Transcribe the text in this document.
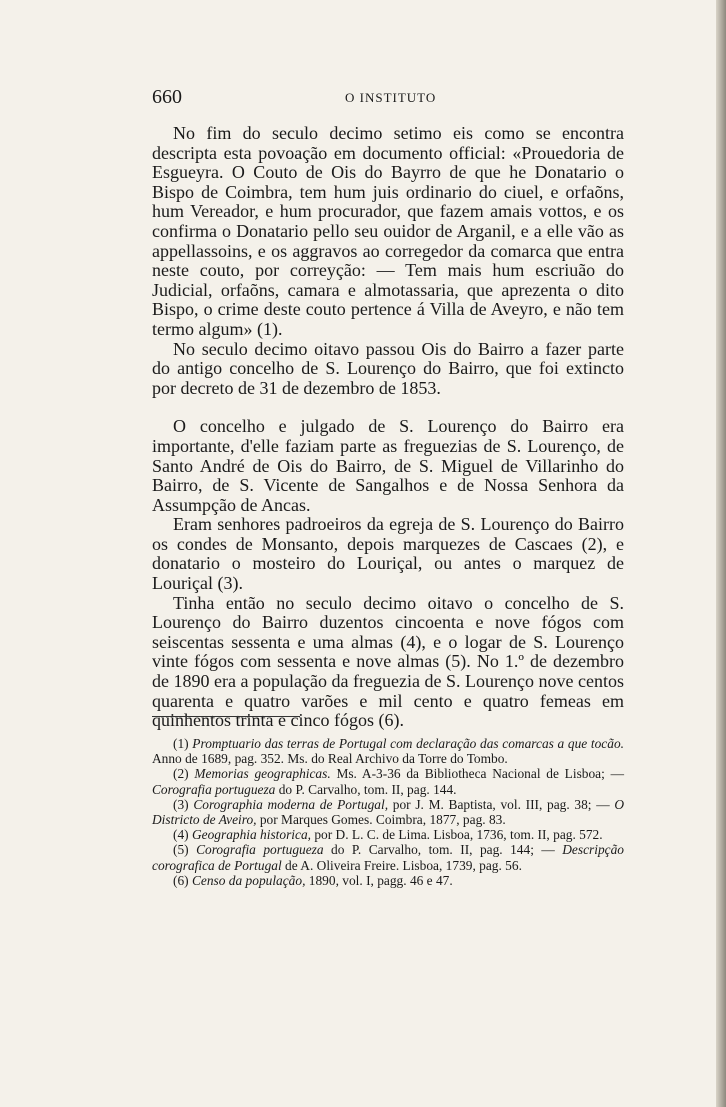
660	O INSTITUTO

No fim do seculo decimo setimo eis como se encontra descripta esta povoação em documento official: «Prouedoria de Esgueyra. O Couto de Ois do Bayrro de que he Donatario o Bispo de Coimbra, tem hum juis ordinario do ciuel, e orfaõns, hum Vereador, e hum procurador, que fazem amais vottos, e os confirma o Donatario pello seu ouidor de Arganil, e a elle vão as appellassoins, e os aggravos ao corregedor da comarca que entra neste couto, por correyção: — Tem mais hum escriuão do Judicial, orfaõns, camara e almotassaria, que aprezenta o dito Bispo, o crime deste couto pertence á Villa de Aveyro, e não tem termo algum» (1).

No seculo decimo oitavo passou Ois do Bairro a fazer parte do antigo concelho de S. Lourenço do Bairro, que foi extincto por decreto de 31 de dezembro de 1853.

O concelho e julgado de S. Lourenço do Bairro era importante, d'elle faziam parte as freguezias de S. Lourenço, de Santo André de Ois do Bairro, de S. Miguel de Villarinho do Bairro, de S. Vicente de Sangalhos e de Nossa Senhora da Assumpção de Ancas.

Eram senhores padroeiros da egreja de S. Lourenço do Bairro os condes de Monsanto, depois marquezes de Cascaes (2), e donatario o mosteiro do Louriçal, ou antes o marquez de Louriçal (3).

Tinha então no seculo decimo oitavo o concelho de S. Lourenço do Bairro duzentos cincoenta e nove fógos com seiscentas sessenta e uma almas (4), e o logar de S. Lourenço vinte fógos com sessenta e nove almas (5). No 1.º de dezembro de 1890 era a população da freguezia de S. Lourenço nove centos quarenta e quatro varões e mil cento e quatro femeas em quinhentos trinta e cinco fógos (6).

(1) Promptuario das terras de Portugal com declaração das comarcas a que tocão. Anno de 1689, pag. 352. Ms. do Real Archivo da Torre do Tombo.

(2) Memorias geographicas. Ms. A-3-36 da Bibliotheca Nacional de Lisboa; — Corografia portugueza do P. Carvalho, tom. II, pag. 144.

(3) Corographia moderna de Portugal, por J. M. Baptista, vol. III, pag. 38; — O Districto de Aveiro, por Marques Gomes. Coimbra, 1877, pag. 83.

(4) Geographia historica, por D. L. C. de Lima. Lisboa, 1736, tom. II, pag. 572.

(5) Corografia portugueza do P. Carvalho, tom. II, pag. 144; — Descripção corografica de Portugal de A. Oliveira Freire. Lisboa, 1739, pag. 56.

(6) Censo da população, 1890, vol. I, pagg. 46 e 47.
